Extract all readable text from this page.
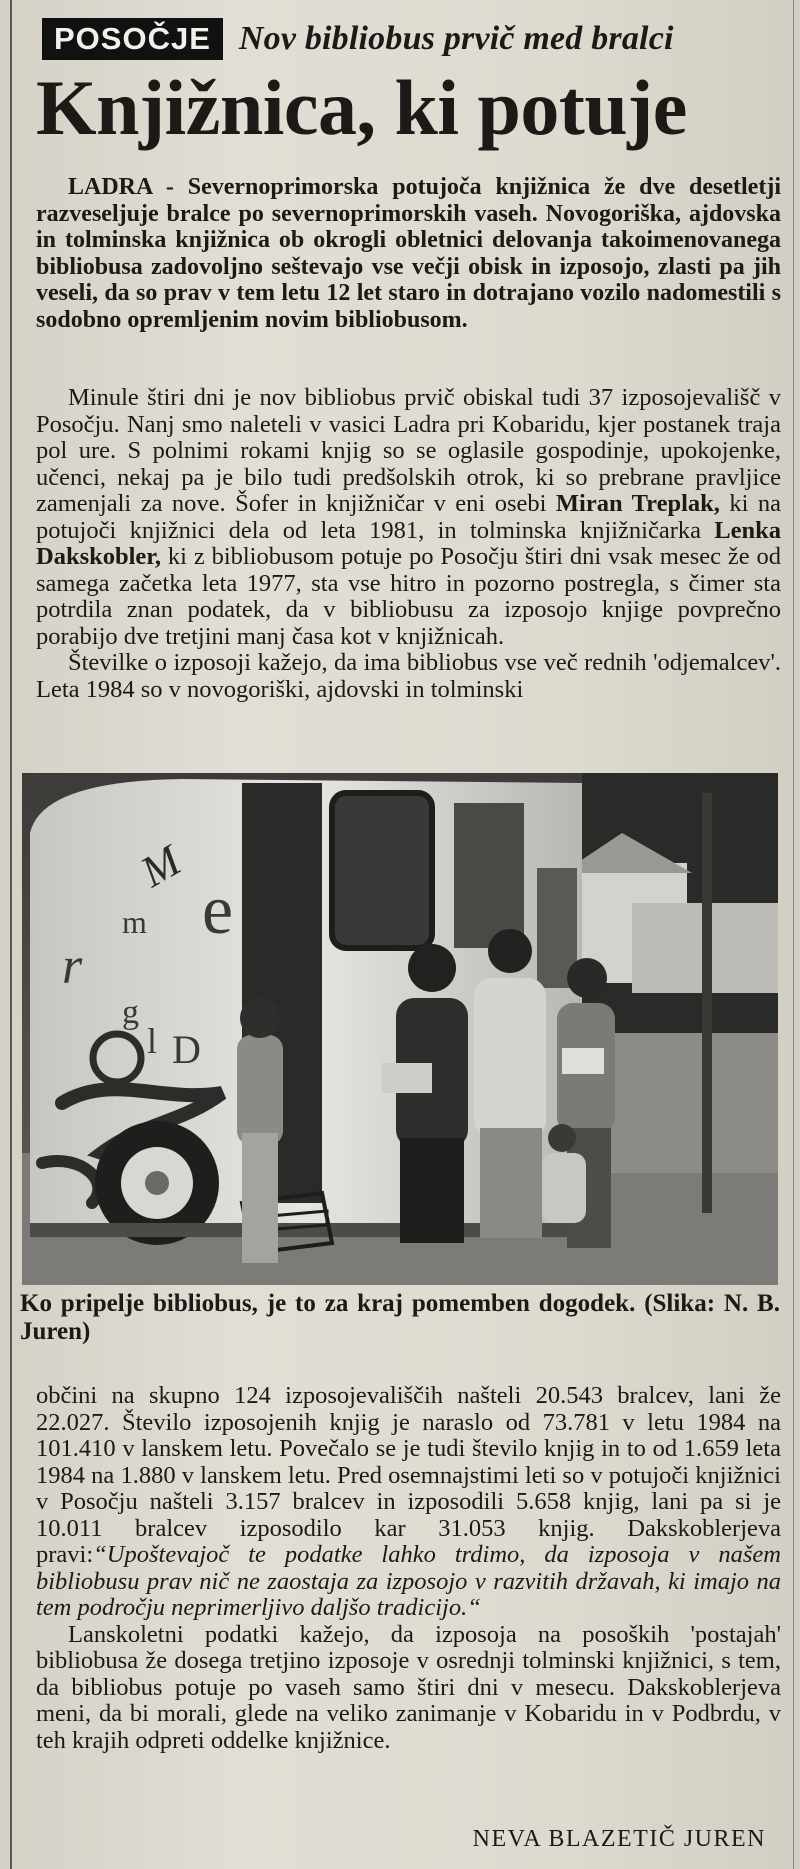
POSOČJE Nov bibliobus prvič med bralci
Knjižnica, ki potuje

LADRA - Severnoprimorska potujoča knjižnica že dve desetletji razveseljuje bralce po severnoprimorskih vaseh. Novogoriška, ajdovska in tolminska knjižnica ob okrogli obletnici delovanja takoimenovanega bibliobusa zadovoljno seštevajo vse večji obisk in izposojo, zlasti pa jih veseli, da so prav v tem letu 12 let staro in dotrajano vozilo nadomestili s sodobno opremljenim novim bibliobusom.

Minule štiri dni je nov bibliobus prvič obiskal tudi 37 izposojevališč v Posočju. Nanj smo naleteli v vasici Ladra pri Kobaridu, kjer postanek traja pol ure. S polnimi rokami knjig so se oglasile gospodinje, upokojenke, učenci, nekaj pa je bilo tudi predšolskih otrok, ki so prebrane pravljice zamenjali za nove. Šofer in knjižničar v eni osebi Miran Treplak, ki na potujoči knjižnici dela od leta 1981, in tolminska knjižničarka Lenka Dakskobler, ki z bibliobusom potuje po Posočju štiri dni vsak mesec že od samega začetka leta 1977, sta vse hitro in pozorno postregla, s čimer sta potrdila znan podatek, da v bibliobusu za izposojo knjige povprečno porabijo dve tretjini manj časa kot v knjižnicah.

Številke o izposoji kažejo, da ima bibliobus vse več rednih 'odjemalcev'. Leta 1984 so v novogoriški, ajdovski in tolminski

M
e
m
r
g
l D
Ko pripelje bibliobus, je to za kraj pomemben dogodek. (Slika: N. B. Juren)

občini na skupno 124 izposojevališčih našteli 20.543 bralcev, lani že 22.027. Število izposojenih knjig je naraslo od 73.781 v letu 1984 na 101.410 v lanskem letu. Povečalo se je tudi število knjig in to od 1.659 leta 1984 na 1.880 v lanskem letu. Pred osemnajstimi leti so v potujoči knjižnici v Posočju našteli 3.157 bralcev in izposodili 5.658 knjig, lani pa si je 10.011 bralcev izposodilo kar 31.053 knjig. Dakskoblerjeva pravi:“Upoštevajoč te podatke lahko trdimo, da izposoja v našem bibliobusu prav nič ne zaostaja za izposojo v razvitih državah, ki imajo na tem področju neprimerljivo daljšo tradicijo.“

Lanskoletni podatki kažejo, da izposoja na posoških 'postajah' bibliobusa že dosega tretjino izposoje v osrednji tolminski knjižnici, s tem, da bibliobus potuje po vaseh samo štiri dni v mesecu. Dakskoblerjeva meni, da bi morali, glede na veliko zanimanje v Kobaridu in v Podbrdu, v teh krajih odpreti oddelke knjižnice.

NEVA BLAZETIČ JUREN
